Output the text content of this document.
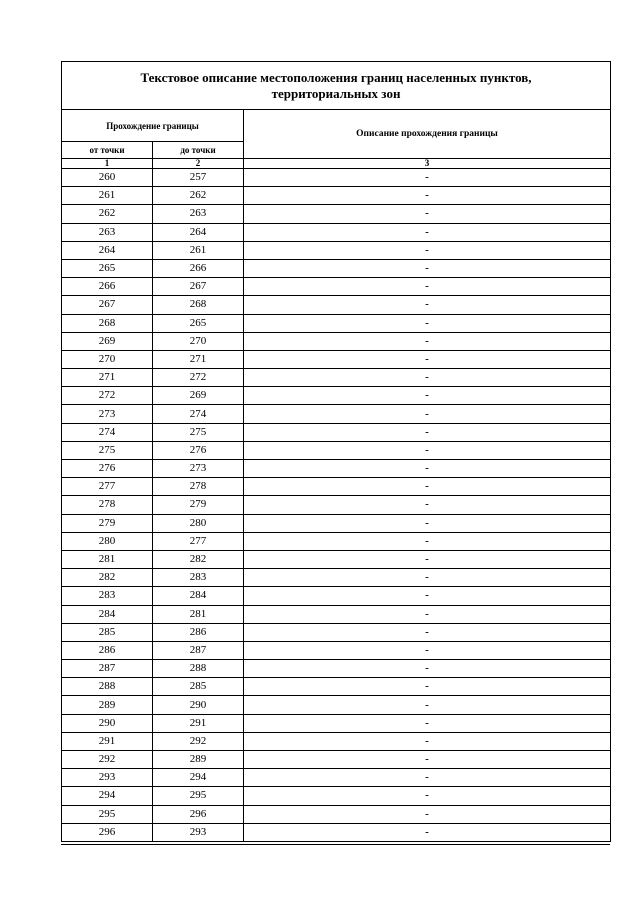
Текстовое описание местоположения границ населенных пунктов,
территориальных зон		

Прохождение границы		Описание прохождения границы
от точки	до точки	
1	2	3
260	257	-
261	262	-
262	263	-
263	264	-
264	261	-
265	266	-
266	267	-
267	268	-
268	265	-
269	270	-
270	271	-
271	272	-
272	269	-
273	274	-
274	275	-
275	276	-
276	273	-
277	278	-
278	279	-
279	280	-
280	277	-
281	282	-
282	283	-
283	284	-
284	281	-
285	286	-
286	287	-
287	288	-
288	285	-
289	290	-
290	291	-
291	292	-
292	289	-
293	294	-
294	295	-
295	296	-
296	293	-
